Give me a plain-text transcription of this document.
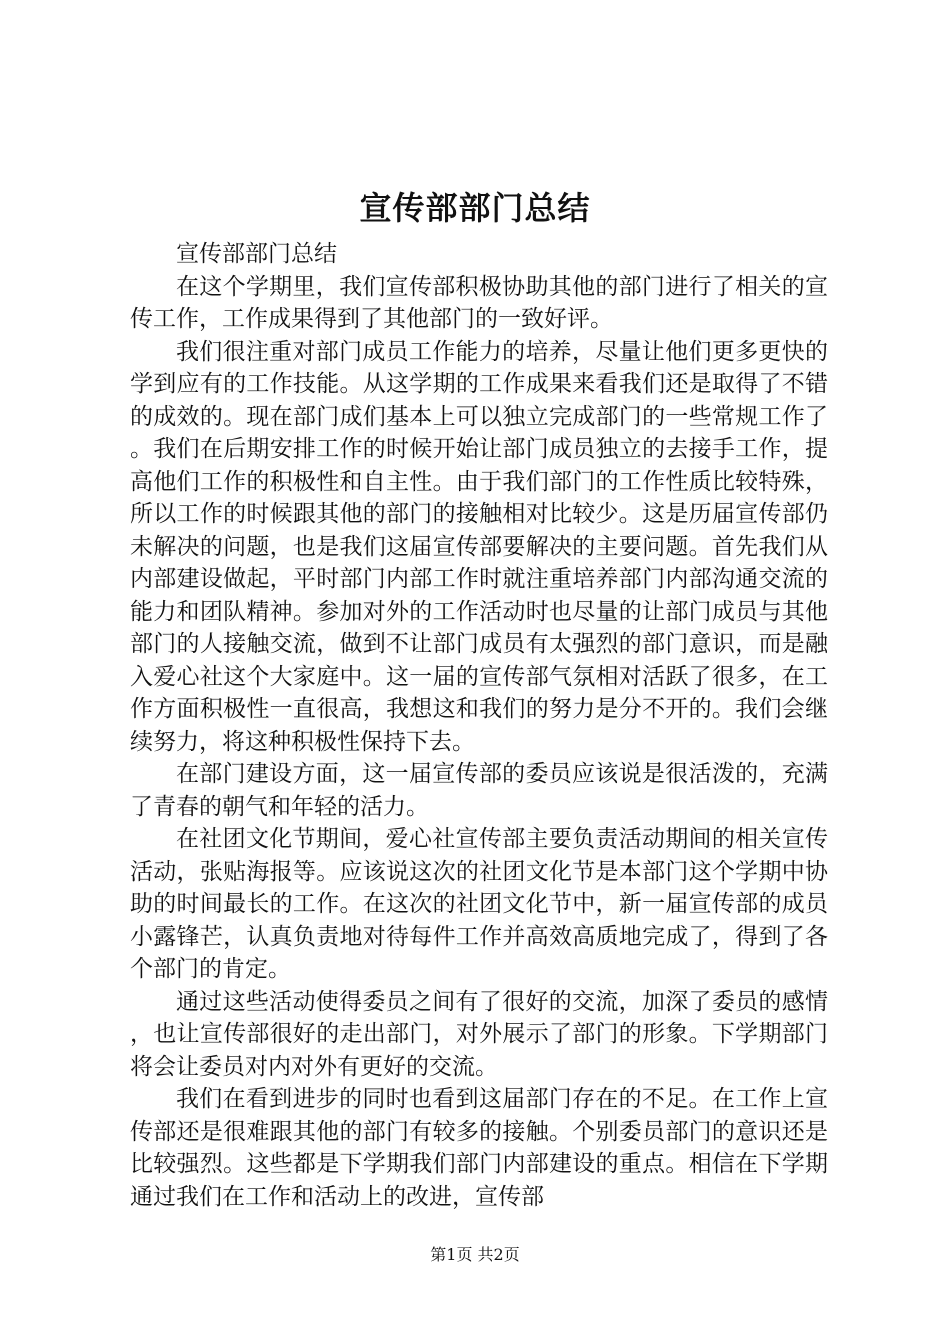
宣传部部门总结

宣传部部门总结

在这个学期里，我们宣传部积极协助其他的部门进行了相关的宣传工作，工作成果得到了其他部门的一致好评。

我们很注重对部门成员工作能力的培养，尽量让他们更多更快的学到应有的工作技能。从这学期的工作成果来看我们还是取得了不错的成效的。现在部门成们基本上可以独立完成部门的一些常规工作了。我们在后期安排工作的时候开始让部门成员独立的去接手工作，提高他们工作的积极性和自主性。由于我们部门的工作性质比较特殊，所以工作的时候跟其他的部门的接触相对比较少。这是历届宣传部仍未解决的问题，也是我们这届宣传部要解决的主要问题。首先我们从内部建设做起，平时部门内部工作时就注重培养部门内部沟通交流的能力和团队精神。参加对外的工作活动时也尽量的让部门成员与其他部门的人接触交流，做到不让部门成员有太强烈的部门意识，而是融入爱心社这个大家庭中。这一届的宣传部气氛相对活跃了很多，在工作方面积极性一直很高，我想这和我们的努力是分不开的。我们会继续努力，将这种积极性保持下去。

在部门建设方面，这一届宣传部的委员应该说是很活泼的，充满了青春的朝气和年轻的活力。

在社团文化节期间，爱心社宣传部主要负责活动期间的相关宣传活动，张贴海报等。应该说这次的社团文化节是本部门这个学期中协助的时间最长的工作。在这次的社团文化节中，新一届宣传部的成员小露锋芒，认真负责地对待每件工作并高效高质地完成了，得到了各个部门的肯定。

通过这些活动使得委员之间有了很好的交流，加深了委员的感情，也让宣传部很好的走出部门，对外展示了部门的形象。下学期部门将会让委员对内对外有更好的交流。

我们在看到进步的同时也看到这届部门存在的不足。在工作上宣传部还是很难跟其他的部门有较多的接触。个别委员部门的意识还是比较强烈。这些都是下学期我们部门内部建设的重点。相信在下学期通过我们在工作和活动上的改进，宣传部

第1页 共2页
